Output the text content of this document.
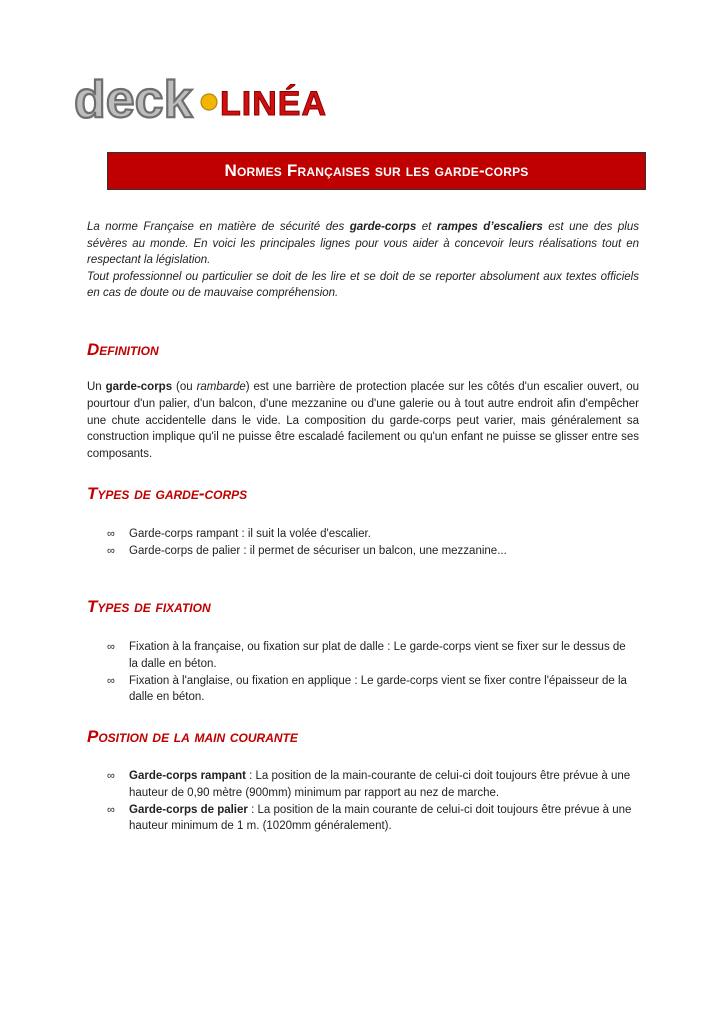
deck LINÉA
Normes Françaises sur les garde-corps

La norme Française en matière de sécurité des garde-corps et rampes d’escaliers est une des plus sévères au monde. En voici les principales lignes pour vous aider à concevoir leurs réalisations tout en respectant la législation.

Tout professionnel ou particulier se doit de les lire et se doit de se reporter absolument aux textes officiels en cas de doute ou de mauvaise compréhension.

Definition

Un garde-corps (ou rambarde) est une barrière de protection placée sur les côtés d'un escalier ouvert, ou pourtour d'un palier, d'un balcon, d'une mezzanine ou d'une galerie ou à tout autre endroit afin d'empêcher une chute accidentelle dans le vide. La composition du garde-corps peut varier, mais généralement sa construction implique qu'il ne puisse être escaladé facilement ou qu'un enfant ne puisse se glisser entre ses composants.

Types de garde-corps
∞ Garde-corps rampant : il suit la volée d'escalier.
∞ Garde-corps de palier : il permet de sécuriser un balcon, une mezzanine...
Types de fixation
∞ Fixation à la française, ou fixation sur plat de dalle : Le garde-corps vient se fixer sur le dessus de la dalle en béton.
∞ Fixation à l'anglaise, ou fixation en applique : Le garde-corps vient se fixer contre l'épaisseur de la dalle en béton.
Position de la main courante
∞ Garde-corps rampant : La position de la main-courante de celui-ci doit toujours être prévue à une hauteur de 0,90 mètre (900mm) minimum par rapport au nez de marche.
∞ Garde-corps de palier : La position de la main courante de celui-ci doit toujours être prévue à une hauteur minimum de 1 m. (1020mm généralement).
